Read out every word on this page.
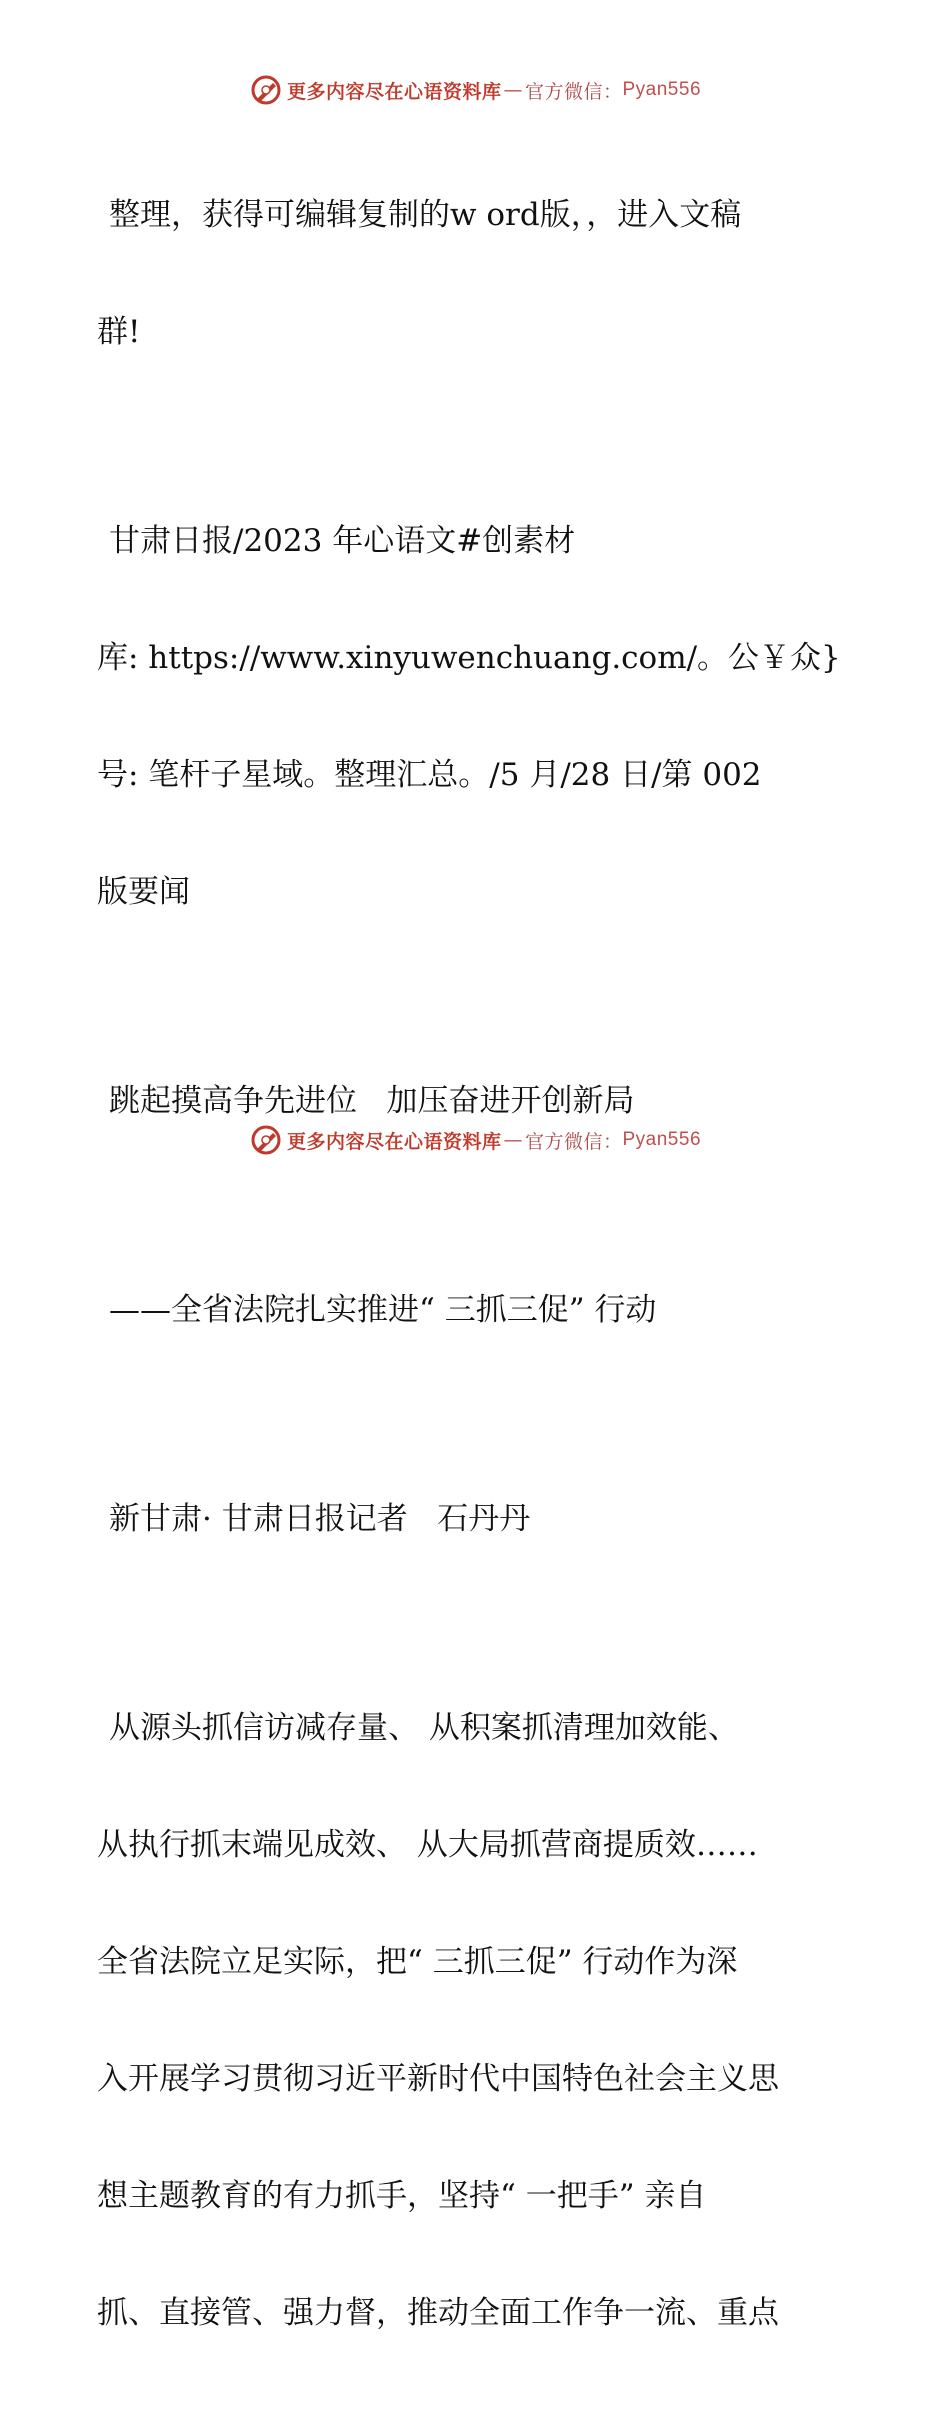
更多内容尽在心语资料库 — 官方微信： Pyan556

整理，获得可编辑复制的w ord版，，进入文稿

群!

甘肃日报/2023 年心语文#创素材

库: https://www.xinyuwenchuang.com/。公￥众}

号: 笔杆子星域。整理汇总。/5 月/28 日/第 002

版要闻

跳起摸高争先进位   加压奋进开创新局

——全省法院扎实推进“ 三抓三促” 行动

新甘肃· 甘肃日报记者   石丹丹

从源头抓信访减存量、 从积案抓清理加效能、

从执行抓末端见成效、 从大局抓营商提质效……

全省法院立足实际，把“ 三抓三促” 行动作为深

入开展学习贯彻习近平新时代中国特色社会主义思

想主题教育的有力抓手，坚持“ 一把手” 亲自

抓、直接管、强力督，推动全面工作争一流、重点

更多内容尽在心语资料库 — 官方微信： Pyan556
